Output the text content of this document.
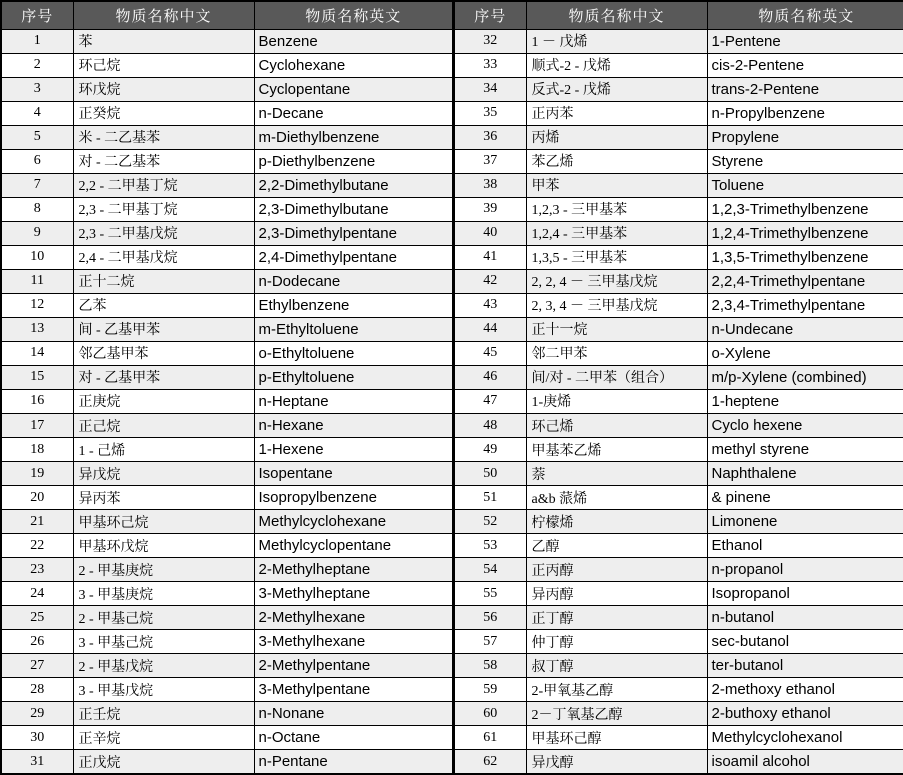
序号	物质名称中文	物质名称英文
1	苯	Benzene
2	环己烷	Cyclohexane
3	环戊烷	Cyclopentane
4	正癸烷	n-Decane
5	米 - 二乙基苯	m-Diethylbenzene
6	对 - 二乙基苯	p-Diethylbenzene
7	2,2 - 二甲基丁烷	2,2-Dimethylbutane
8	2,3 - 二甲基丁烷	2,3-Dimethylbutane
9	2,3 - 二甲基戊烷	2,3-Dimethylpentane
10	2,4 - 二甲基戊烷	2,4-Dimethylpentane
11	正十二烷	n-Dodecane
12	乙苯	Ethylbenzene
13	间 - 乙基甲苯	m-Ethyltoluene
14	邻乙基甲苯	o-Ethyltoluene
15	对 - 乙基甲苯	p-Ethyltoluene
16	正庚烷	n-Heptane
17	正己烷	n-Hexane
18	1 - 己烯	1-Hexene
19	异戊烷	Isopentane
20	异丙苯	Isopropylbenzene
21	甲基环己烷	Methylcyclohexane
22	甲基环戊烷	Methylcyclopentane
23	2 - 甲基庚烷	2-Methylheptane
24	3 - 甲基庚烷	3-Methylheptane
25	2 - 甲基己烷	2-Methylhexane
26	3 - 甲基己烷	3-Methylhexane
27	2 - 甲基戊烷	2-Methylpentane
28	3 - 甲基戊烷	3-Methylpentane
29	正壬烷	n-Nonane
30	正辛烷	n-Octane
31	正戊烷	n-Pentane
序号	物质名称中文	物质名称英文
32	1 － 戊烯	1-Pentene
33	顺式-2 - 戊烯	cis-2-Pentene
34	反式-2 - 戊烯	trans-2-Pentene
35	正丙苯	n-Propylbenzene
36	丙烯	Propylene
37	苯乙烯	Styrene
38	甲苯	Toluene
39	1,2,3 - 三甲基苯	1,2,3-Trimethylbenzene
40	1,2,4 - 三甲基苯	1,2,4-Trimethylbenzene
41	1,3,5 - 三甲基苯	1,3,5-Trimethylbenzene
42	2, 2, 4 － 三甲基戊烷	2,2,4-Trimethylpentane
43	2, 3, 4 － 三甲基戊烷	2,3,4-Trimethylpentane
44	正十一烷	n-Undecane
45	邻二甲苯	o-Xylene
46	间/对 - 二甲苯（组合）	m/p-Xylene (combined)
47	1-庚烯	1-heptene
48	环己烯	Cyclo hexene
49	甲基苯乙烯	methyl styrene
50	萘	Naphthalene
51	a&b 蒎烯	& pinene
52	柠檬烯	Limonene
53	乙醇	Ethanol
54	正丙醇	n-propanol
55	异丙醇	Isopropanol
56	正丁醇	n-butanol
57	仲丁醇	sec-butanol
58	叔丁醇	ter-butanol
59	2-甲氧基乙醇	2-methoxy ethanol
60	2－丁氧基乙醇	2-buthoxy ethanol
61	甲基环己醇	Methylcyclohexanol
62	异戊醇	isoamil alcohol
